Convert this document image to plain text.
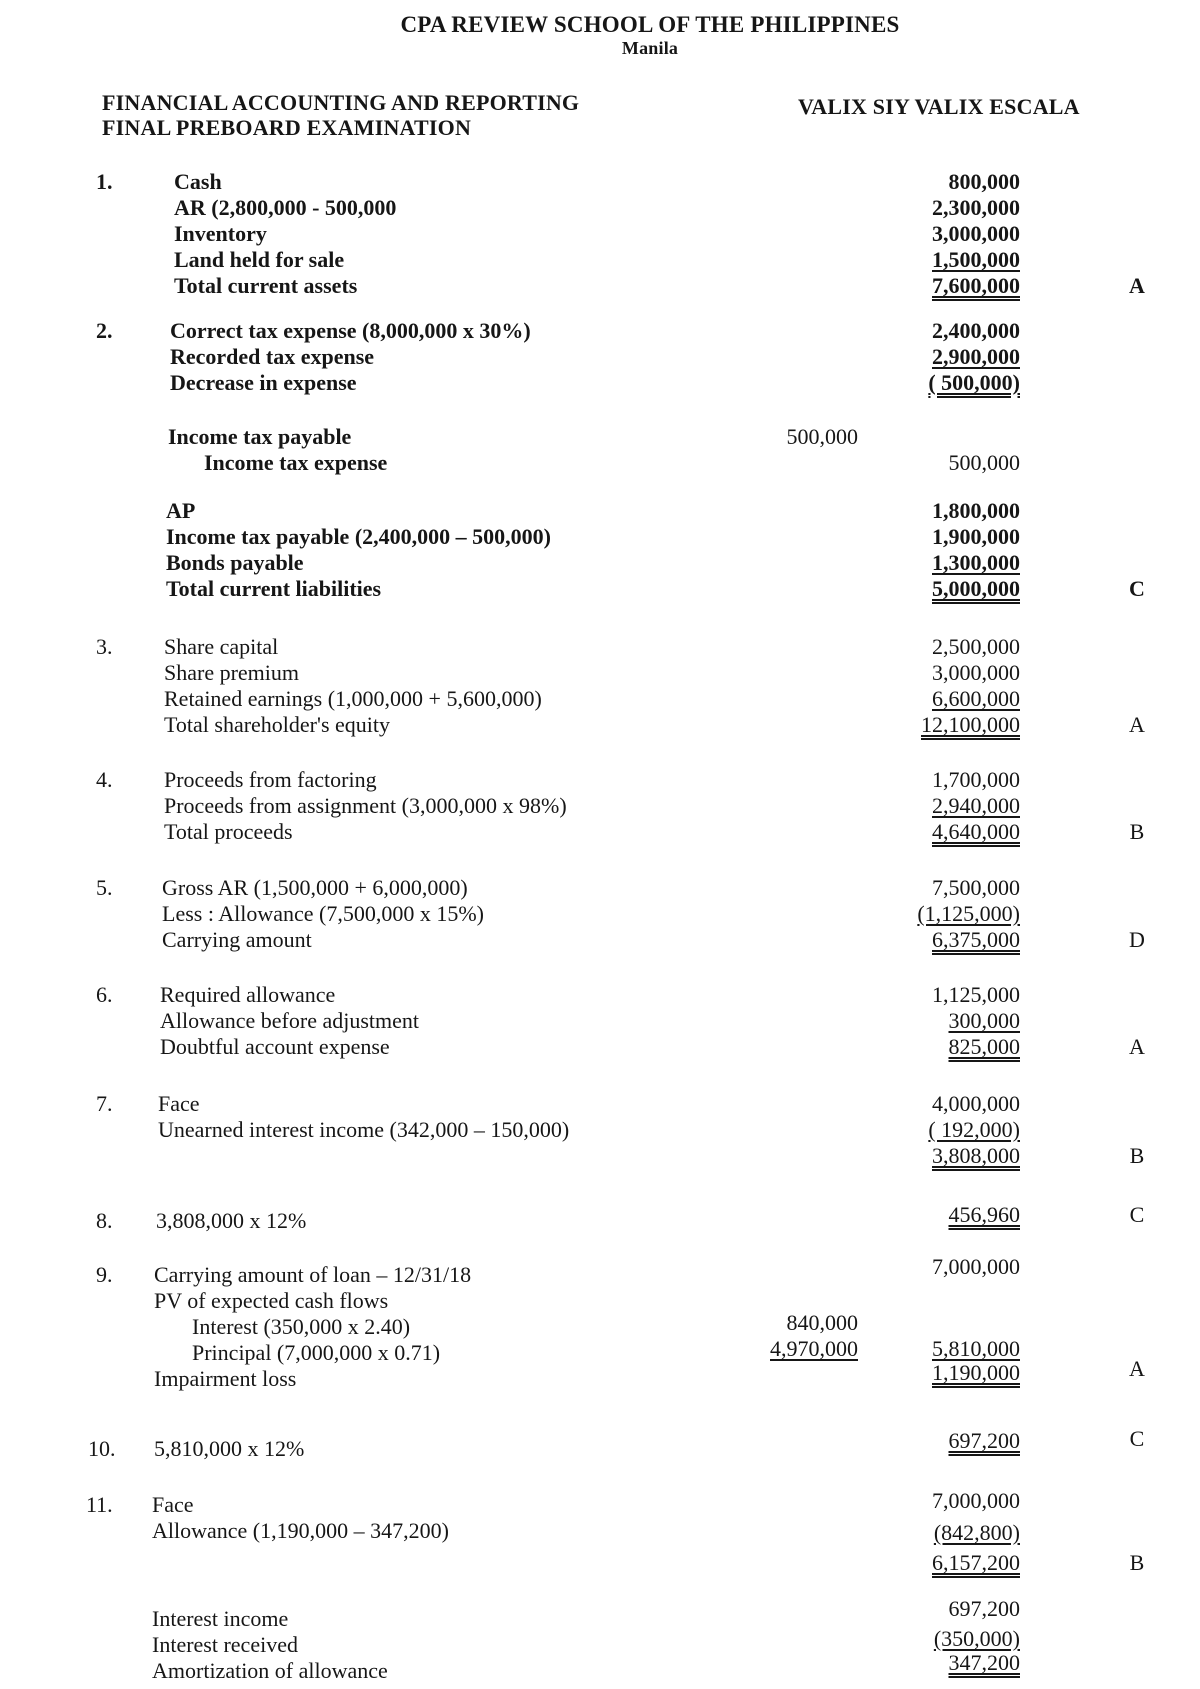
CPA REVIEW SCHOOL OF THE PHILIPPINES
Manila
FINANCIAL ACCOUNTING AND REPORTING
FINAL PREBOARD EXAMINATION
VALIX SIY VALIX ESCALA
1.	Cash	800,000
AR (2,800,000 - 500,000	2,300,000
Inventory	3,000,000
Land held for sale	1,500,000
Total current assets	7,600,000	A
2.	Correct tax expense (8,000,000 x 30%)	2,400,000
Recorded tax expense	2,900,000
Decrease in expense	( 500,000)
Income tax payable	500,000
Income tax expense	500,000
AP	1,800,000
Income tax payable (2,400,000 – 500,000)	1,900,000
Bonds payable	1,300,000
Total current liabilities	5,000,000	C
3. Share capital	2,500,000
Share premium	3,000,000
Retained earnings (1,000,000 + 5,600,000)	6,600,000
Total shareholder's equity	12,100,000	A
4. Proceeds from factoring	1,700,000
Proceeds from assignment (3,000,000 x 98%)	2,940,000
Total proceeds	4,640,000	B
5. Gross AR (1,500,000 + 6,000,000)	7,500,000
Less : Allowance (7,500,000 x 15%)	(1,125,000)
Carrying amount	6,375,000	D
6. Required allowance	1,125,000
Allowance before adjustment	300,000
Doubtful account expense	825,000	A
7. Face	4,000,000
Unearned interest income (342,000 – 150,000)	( 192,000)
3,808,000	B
8. 3,808,000 x 12%	456,960	C
9. Carrying amount of loan – 12/31/18	7,000,000
PV of expected cash flows
Interest (350,000 x 2.40)	840,000
Principal (7,000,000 x 0.71)	4,970,000	5,810,000
Impairment loss	1,190,000	A
10. 5,810,000 x 12%	697,200	C
11. Face	7,000,000
Allowance (1,190,000 – 347,200)	(842,800)
6,157,200	B
Interest income	697,200
Interest received	(350,000)
Amortization of allowance	347,200
